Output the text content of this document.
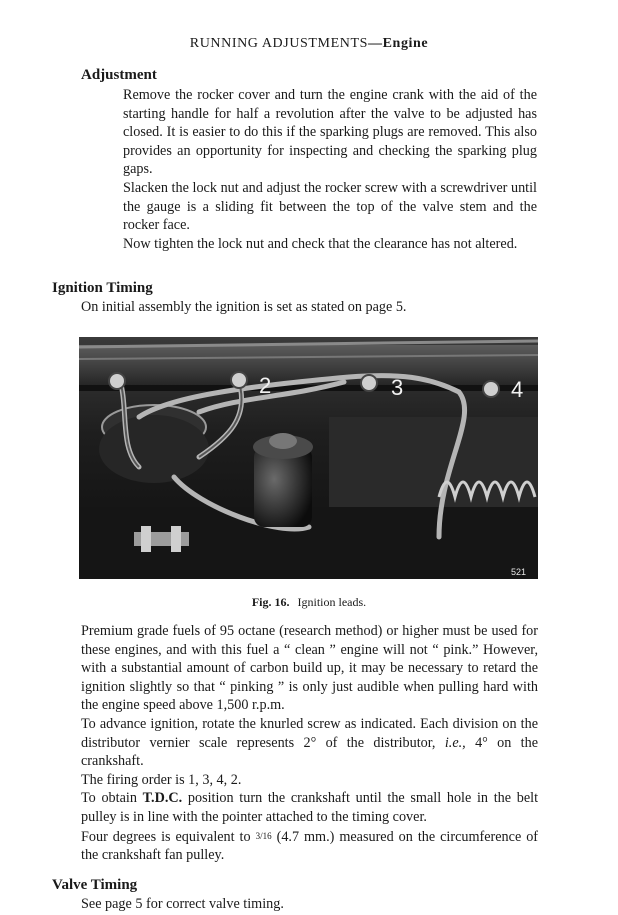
RUNNING ADJUSTMENTS—Engine
Adjustment

Remove the rocker cover and turn the engine crank with the aid of the starting handle for half a revolution after the valve to be adjusted has closed. It is easier to do this if the sparking plugs are removed. This also provides an opportunity for inspecting and checking the sparking plug gaps.

Slacken the lock nut and adjust the rocker screw with a screwdriver until the gauge is a sliding fit between the top of the valve stem and the rocker face.

Now tighten the lock nut and check that the clearance has not altered.

Ignition Timing
On initial assembly the ignition is set as stated on page 5.
2	3	4
521
Fig. 16. Ignition leads.

Premium grade fuels of 95 octane (research method) or higher must be used for these engines, and with this fuel a “ clean ” engine will not “ pink.” However, with a substantial amount of carbon build up, it may be necessary to retard the ignition slightly so that “ pinking ” is only just audible when pulling hard with the engine speed above 1,500 r.p.m.

To advance ignition, rotate the knurled screw as indicated. Each division on the distributor vernier scale represents 2° of the distributor, i.e., 4° on the crankshaft.

The firing order is 1, 3, 4, 2.

To obtain T.D.C. position turn the crankshaft until the small hole in the belt pulley is in line with the pointer attached to the timing cover.

Four degrees is equivalent to 3/16 (4.7 mm.) measured on the circumference of the crankshaft fan pulley.

Valve Timing
See page 5 for correct valve timing.
